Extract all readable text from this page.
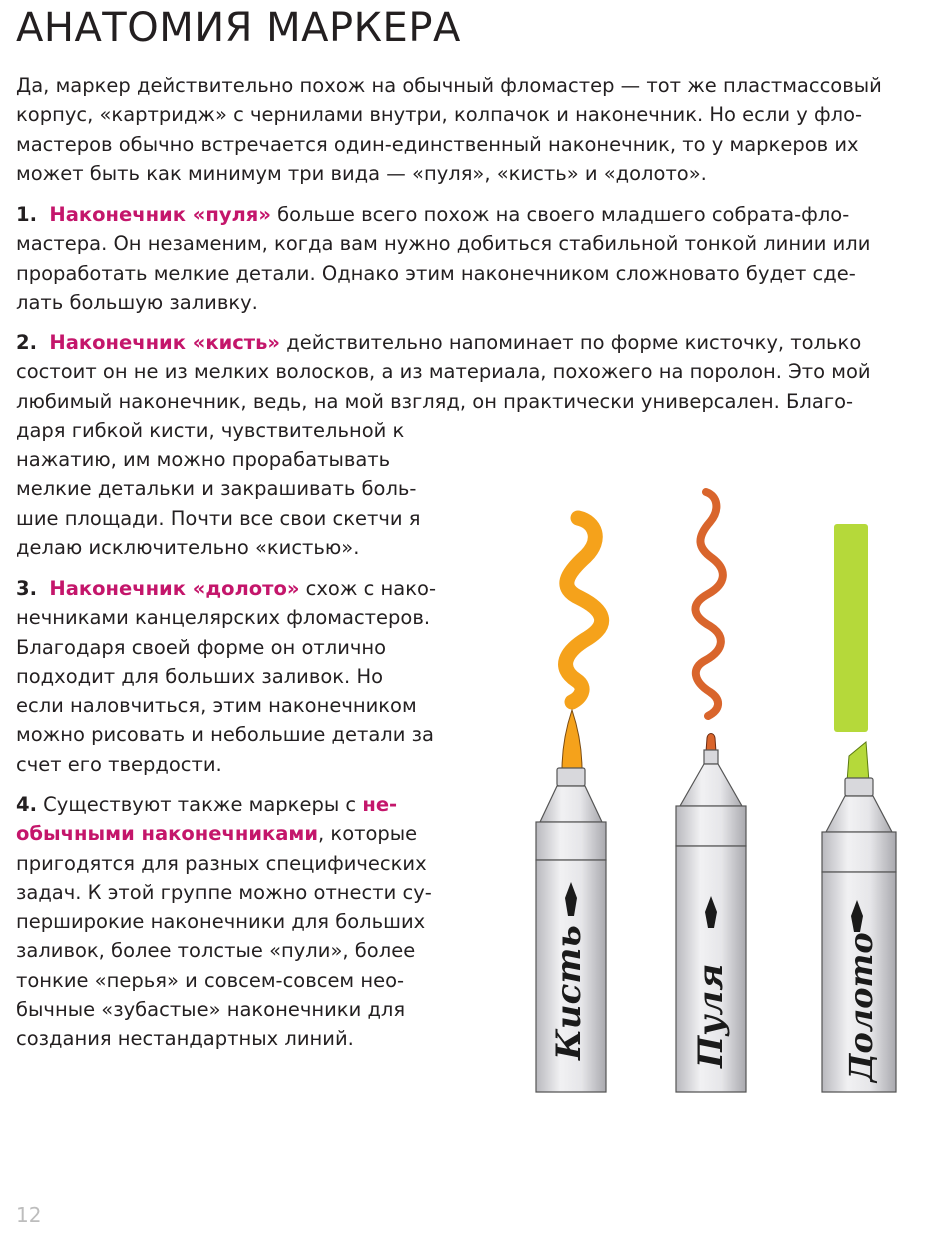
АНАТОМИЯ МАРКЕРА

Да, маркер действительно похож на обычный фломастер — тот же пластмассовый
корпус, «картридж» с чернилами внутри, колпачок и наконечник. Но если у фло-
мастеров обычно встречается один-единственный наконечник, то у маркеров их
может быть как минимум три вида — «пуля», «кисть» и «долото».

1. Наконечник «пуля» больше всего похож на своего младшего собрата-фло-
мастера. Он незаменим, когда вам нужно добиться стабильной тонкой линии или
проработать мелкие детали. Однако этим наконечником сложновато будет сде-
лать большую заливку.

2. Наконечник «кисть» действительно напоминает по форме кисточку, только
состоит он не из мелких волосков, а из материала, похожего на поролон. Это мой
любимый наконечник, ведь, на мой взгляд, он практически универсален. Благо-
даря гибкой кисти, чувствительной к
нажатию, им можно прорабатывать
мелкие детальки и закрашивать боль-
шие площади. Почти все свои скетчи я
делаю исключительно «кистью».

3. Наконечник «долото» схож с нако-
нечниками канцелярских фломастеров.
Благодаря своей форме он отлично
подходит для больших заливок. Но
если наловчиться, этим наконечником
можно рисовать и небольшие детали за
счет его твердости.

4. Существуют также маркеры с не-
обычными наконечниками, которые
пригодятся для разных специфических
задач. К этой группе можно отнести су-
перширокие наконечники для больших
заливок, более толстые «пули», более
тонкие «перья» и совсем-совсем нео-
бычные «зубастые» наконечники для
создания нестандартных линий.	Кисть	Пуля	Долото
12
